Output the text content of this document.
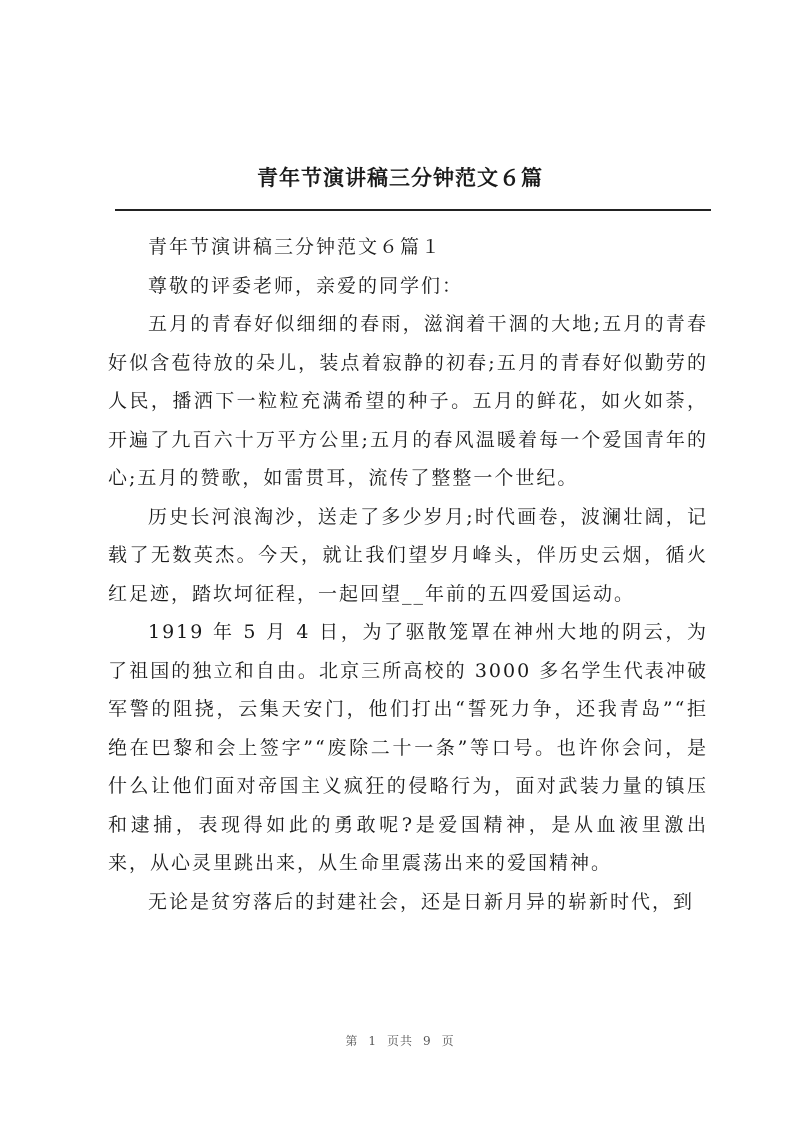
青年节演讲稿三分钟范文６篇

青年节演讲稿三分钟范文６篇１

尊敬的评委老师，亲爱的同学们：

五月的青春好似细细的春雨，滋润着干涸的大地;五月的青春好似含苞待放的朵儿，装点着寂静的初春;五月的青春好似勤劳的人民，播洒下一粒粒充满希望的种子。五月的鲜花，如火如荼，开遍了九百六十万平方公里;五月的春风温暖着每一个爱国青年的心;五月的赞歌，如雷贯耳，流传了整整一个世纪。

历史长河浪淘沙，送走了多少岁月;时代画卷，波澜壮阔，记载了无数英杰。今天，就让我们望岁月峰头，伴历史云烟，循火红足迹，踏坎坷征程，一起回望__年前的五四爱国运动。

1919 年 5 月 4 日，为了驱散笼罩在神州大地的阴云，为了祖国的独立和自由。北京三所高校的 3000 多名学生代表冲破军警的阻挠，云集天安门，他们打出“誓死力争，还我青岛”“拒绝在巴黎和会上签字”“废除二十一条”等口号。也许你会问，是什么让他们面对帝国主义疯狂的侵略行为，面对武装力量的镇压和逮捕，表现得如此的勇敢呢?是爱国精神，是从血液里激出来，从心灵里跳出来，从生命里震荡出来的爱国精神。

无论是贫穷落后的封建社会，还是日新月异的崭新时代，到

第 1 页共 9 页
